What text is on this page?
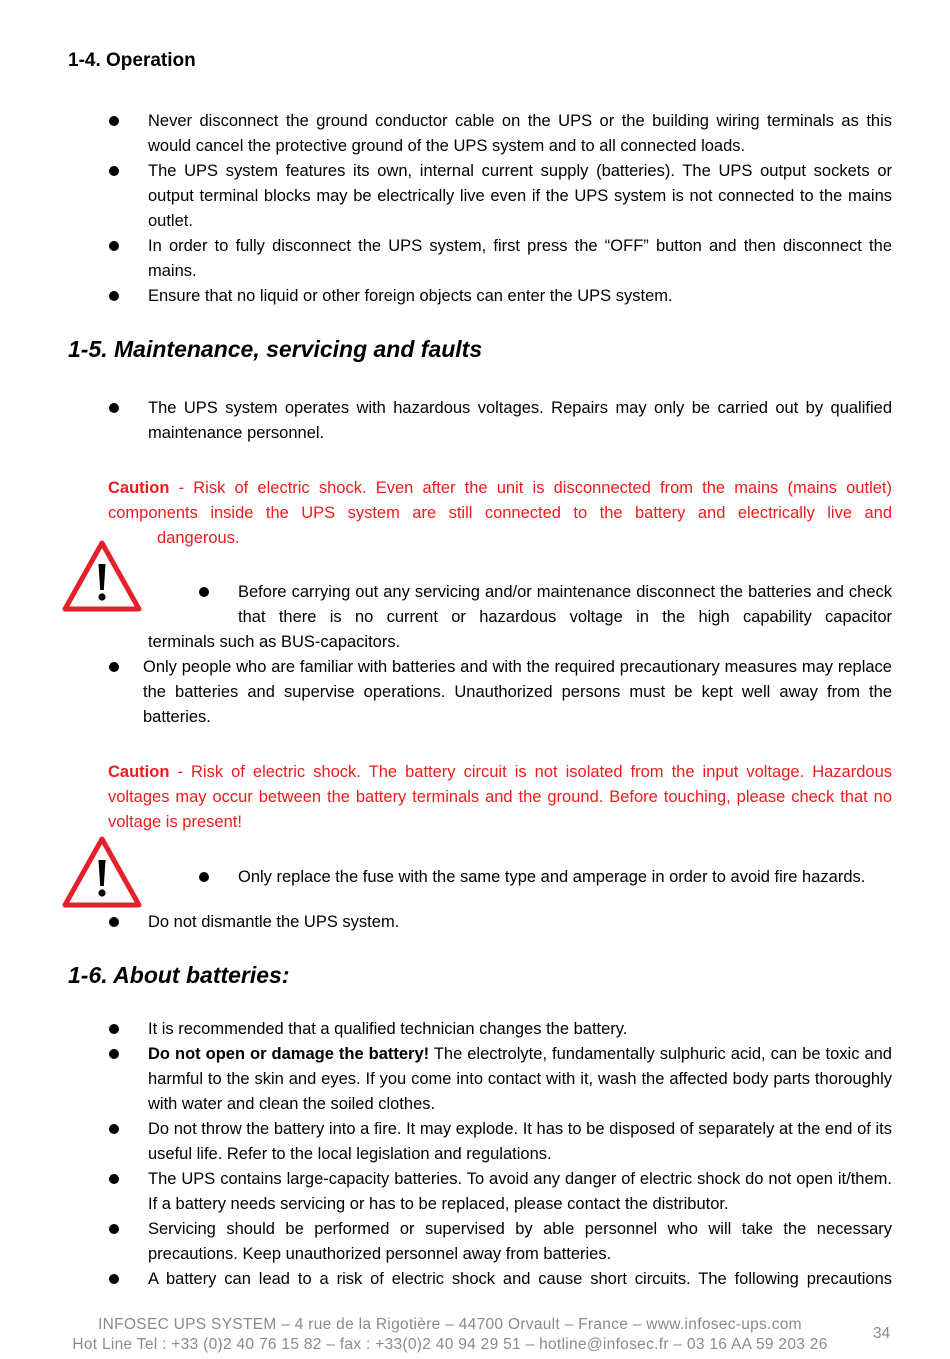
1-4. Operation
Never disconnect the ground conductor cable on the UPS or the building wiring terminals as this would cancel the protective ground of the UPS system and to all connected loads.
The UPS system features its own, internal current supply (batteries). The UPS output sockets or output terminal blocks may be electrically live even if the UPS system is not connected to the mains outlet.
In order to fully disconnect the UPS system, first press the “OFF” button and then disconnect the mains.
Ensure that no liquid or other foreign objects can enter the UPS system.
1-5. Maintenance, servicing and faults
The UPS system operates with hazardous voltages. Repairs may only be carried out by qualified maintenance personnel.
Caution - Risk of electric shock. Even after the unit is disconnected from the mains (mains outlet) components inside the UPS system are still connected to the battery and electrically live and
dangerous.
Before carrying out any servicing and/or maintenance disconnect the batteries and check that there is no current or hazardous voltage in the high capability capacitor
terminals such as BUS-capacitors.
Only people who are familiar with batteries and with the required precautionary measures may replace the batteries and supervise operations. Unauthorized persons must be kept well away from the batteries.
Caution - Risk of electric shock. The battery circuit is not isolated from the input voltage. Hazardous voltages may occur between the battery terminals and the ground. Before touching, please check that no voltage is present!
Only replace the fuse with the same type and amperage in order to avoid fire hazards.
Do not dismantle the UPS system.
1-6. About batteries:
It is recommended that a qualified technician changes the battery.
Do not open or damage the battery! The electrolyte, fundamentally sulphuric acid, can be toxic and harmful to the skin and eyes. If you come into contact with it, wash the affected body parts thoroughly with water and clean the soiled clothes.
Do not throw the battery into a fire. It may explode. It has to be disposed of separately at the end of its useful life. Refer to the local legislation and regulations.
The UPS contains large-capacity batteries. To avoid any danger of electric shock do not open it/them. If a battery needs servicing or has to be replaced, please contact the distributor.
Servicing should be performed or supervised by able personnel who will take the necessary precautions. Keep unauthorized personnel away from batteries.
A battery can lead to a risk of electric shock and cause short circuits. The following precautions
INFOSEC UPS SYSTEM – 4 rue de la Rigotière – 44700 Orvault – France – www.infosec-ups.com
Hot Line Tel : +33 (0)2 40 76 15 82 – fax : +33(0)2 40 94 29 51 – hotline@infosec.fr – 03 16 AA 59 203 26
34
